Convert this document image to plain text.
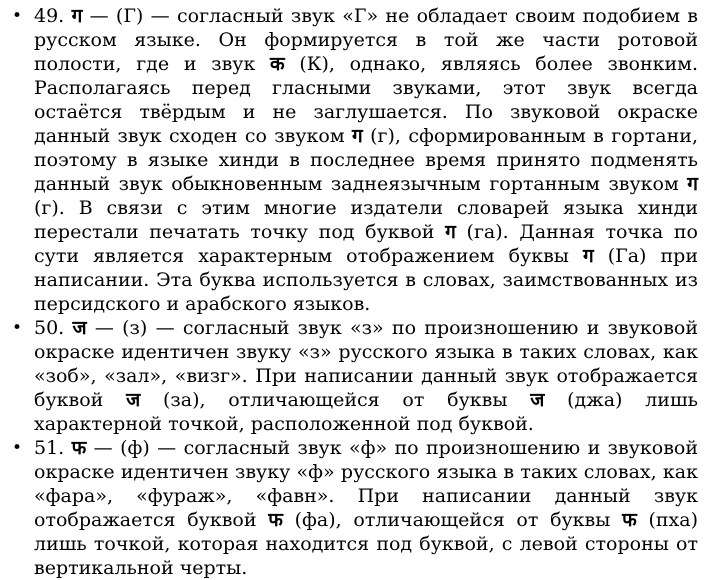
• 49. ग — (Г) — согласный звук «Г» не обладает своим подобием в русском языке. Он формируется в той же части ротовой полости, где и звук क (К), однако, являясь более звонким. Располагаясь перед гласными звуками, этот звук всегда остаётся твёрдым и не заглушается. По звуковой окраске данный звук сходен со звуком ग (г), сформированным в гортани, поэтому в языке хинди в последнее время принято подменять данный звук обыкновенным заднеязычным гортанным звуком ग (г). В связи с этим многие издатели словарей языка хинди перестали печатать точку под буквой ग (га). Данная точка по сути является характерным отображением буквы ग (Га) при написании. Эта буква используется в словах, заимствованных из персидского и арабского языков.
• 50. ज — (з) — согласный звук «з» по произношению и звуковой окраске идентичен звуку «з» русского языка в таких словах, как «зоб», «зал», «визг». При написании данный звук отображается буквой ज (за), отличающейся от буквы ज (джа) лишь характерной точкой, расположенной под буквой.
• 51. फ — (ф) — согласный звук «ф» по произношению и звуковой окраске идентичен звуку «ф» русского языка в таких словах, как «фара», «фураж», «фавн». При написании данный звук отображается буквой फ (фа), отличающейся от буквы फ (пха) лишь точкой, которая находится под буквой, с левой стороны от вертикальной черты.
